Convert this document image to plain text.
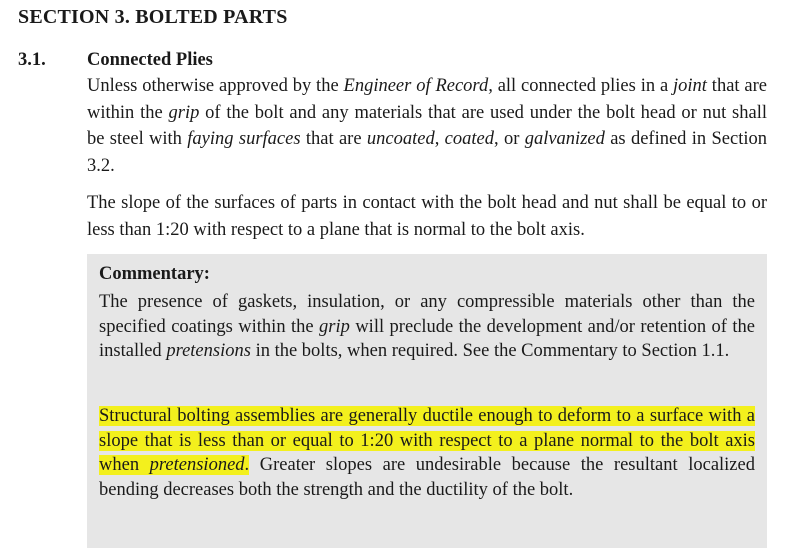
SECTION 3. BOLTED PARTS
3.1. Connected Plies

Unless otherwise approved by the Engineer of Record, all connected plies in a joint that are within the grip of the bolt and any materials that are used under the bolt head or nut shall be steel with faying surfaces that are uncoated, coated, or galvanized as defined in Section 3.2.

The slope of the surfaces of parts in contact with the bolt head and nut shall be equal to or less than 1:20 with respect to a plane that is normal to the bolt axis.

Commentary:

The presence of gaskets, insulation, or any compressible materials other than the specified coatings within the grip will preclude the development and/or retention of the installed pretensions in the bolts, when required. See the Commentary to Section 1.1.

Structural bolting assemblies are generally ductile enough to deform to a surface with a slope that is less than or equal to 1:20 with respect to a plane normal to the bolt axis when pretensioned. Greater slopes are undesirable because the resultant localized bending decreases both the strength and the ductility of the bolt.
